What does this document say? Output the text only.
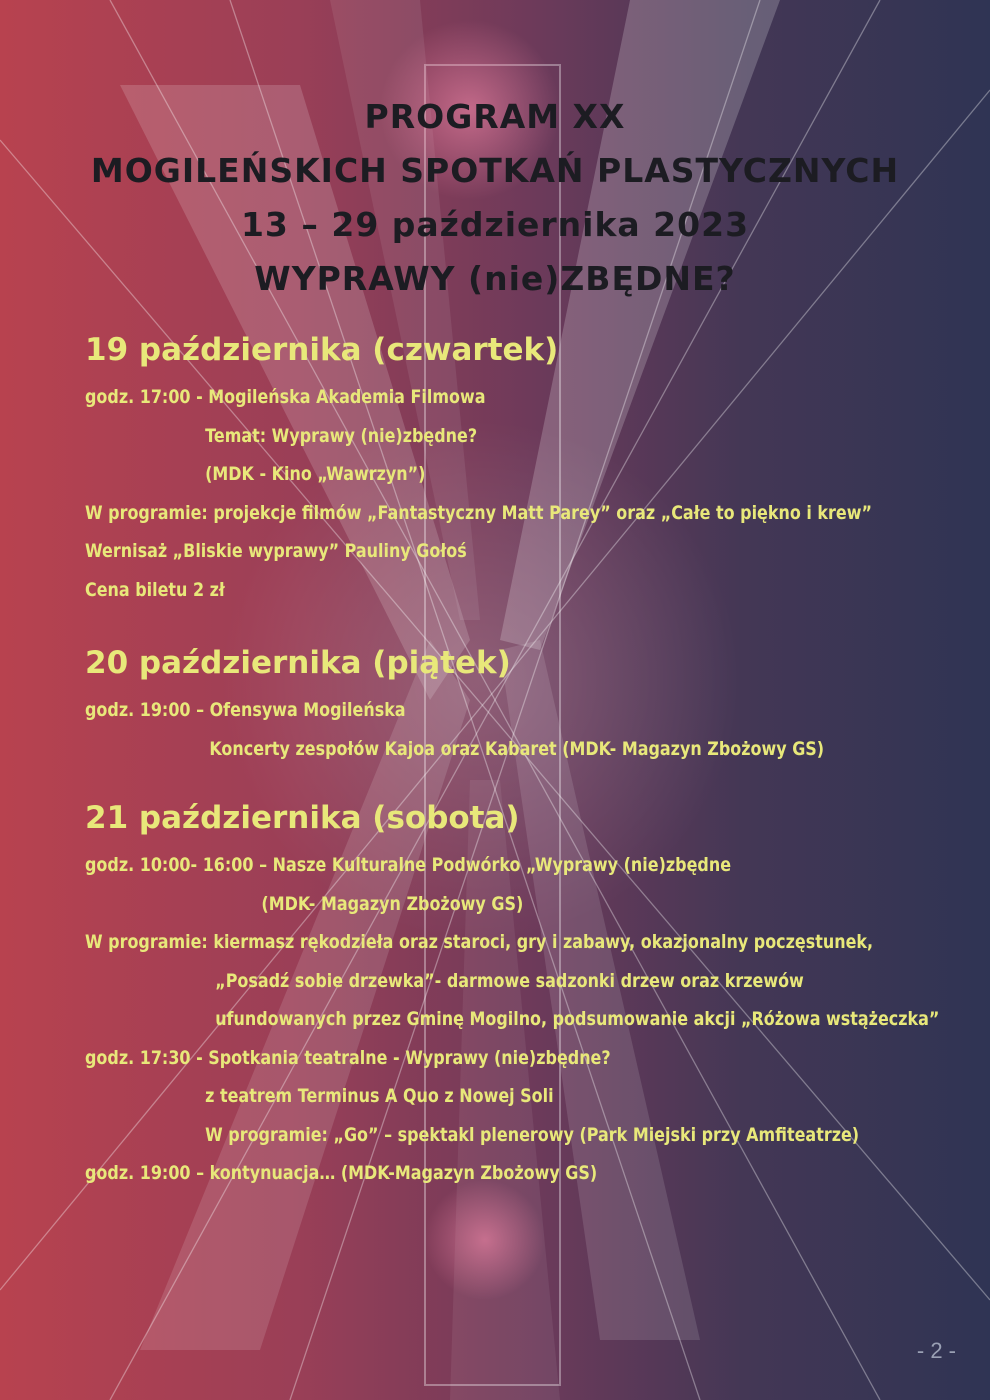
PROGRAM XX
MOGILEŃSKICH SPOTKAŃ PLASTYCZNYCH
13 – 29 października 2023
WYPRAWY (nie)ZBĘDNE?
19 października (czwartek)
godz. 17:00 - Mogileńska Akademia Filmowa
Temat: Wyprawy (nie)zbędne?
(MDK - Kino „Wawrzyn”)
W programie: projekcje filmów „Fantastyczny Matt Parey” oraz „Całe to piękno i krew”
Wernisaż „Bliskie wyprawy” Pauliny Gołoś
Cena biletu 2 zł
20 października (piątek)
godz. 19:00 – Ofensywa Mogileńska
Koncerty zespołów Kajoa oraz Kabaret (MDK- Magazyn Zbożowy GS)
21 października (sobota)
godz. 10:00- 16:00 – Nasze Kulturalne Podwórko „Wyprawy (nie)zbędne
(MDK- Magazyn Zbożowy GS)
W programie: kiermasz rękodzieła oraz staroci, gry i zabawy, okazjonalny poczęstunek,
„Posadź sobie drzewka”- darmowe sadzonki drzew oraz krzewów
ufundowanych przez Gminę Mogilno, podsumowanie akcji „Różowa wstążeczka”
godz. 17:30 - Spotkania teatralne - Wyprawy (nie)zbędne?
z teatrem Terminus A Quo z Nowej Soli
W programie: „Go” – spektakl plenerowy (Park Miejski przy Amfiteatrze)
godz. 19:00 – kontynuacja… (MDK-Magazyn Zbożowy GS)
- 2 -
